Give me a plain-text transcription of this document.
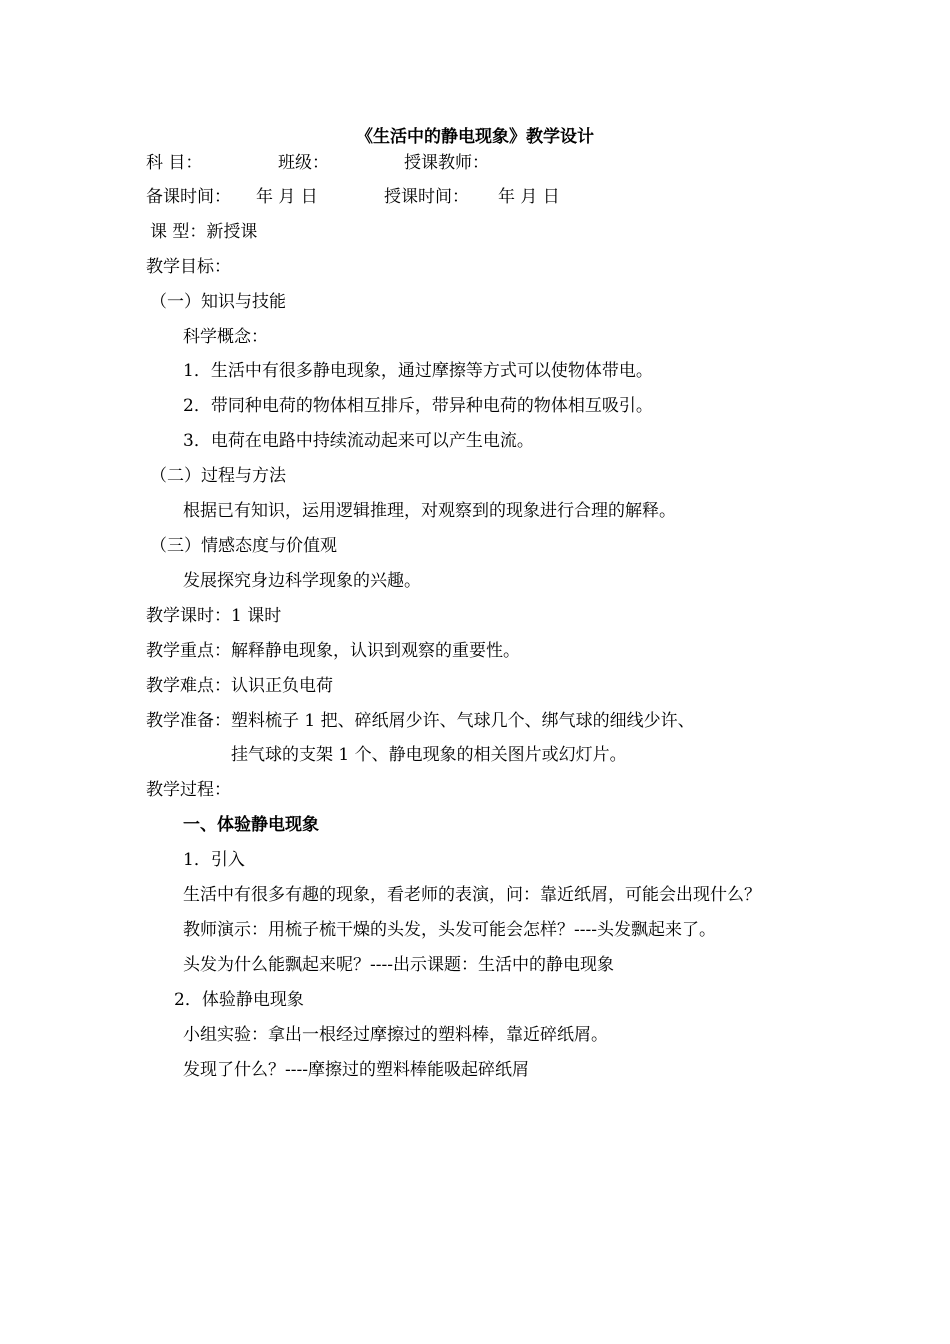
《生活中的静电现象》教学设计
科 目：	班级：	授课教师：
备课时间： 年 月 日	授课时间： 年 月 日
课 型：新授课
教学目标：
（一）知识与技能
科学概念：
1．生活中有很多静电现象，通过摩擦等方式可以使物体带电。
2．带同种电荷的物体相互排斥，带异种电荷的物体相互吸引。
3．电荷在电路中持续流动起来可以产生电流。
（二）过程与方法
根据已有知识，运用逻辑推理，对观察到的现象进行合理的解释。
（三）情感态度与价值观
发展探究身边科学现象的兴趣。
教学课时：1 课时
教学重点：解释静电现象，认识到观察的重要性。
教学难点：认识正负电荷
教学准备：塑料梳子 1 把、碎纸屑少许、气球几个、绑气球的细线少许、
挂气球的支架 1 个、静电现象的相关图片或幻灯片。
教学过程：
一、体验静电现象
1．引入
生活中有很多有趣的现象，看老师的表演，问：靠近纸屑，可能会出现什么？
教师演示：用梳子梳干燥的头发，头发可能会怎样？----头发飘起来了。
头发为什么能飘起来呢？----出示课题：生活中的静电现象
2．体验静电现象
小组实验：拿出一根经过摩擦过的塑料棒，靠近碎纸屑。
发现了什么？----摩擦过的塑料棒能吸起碎纸屑
